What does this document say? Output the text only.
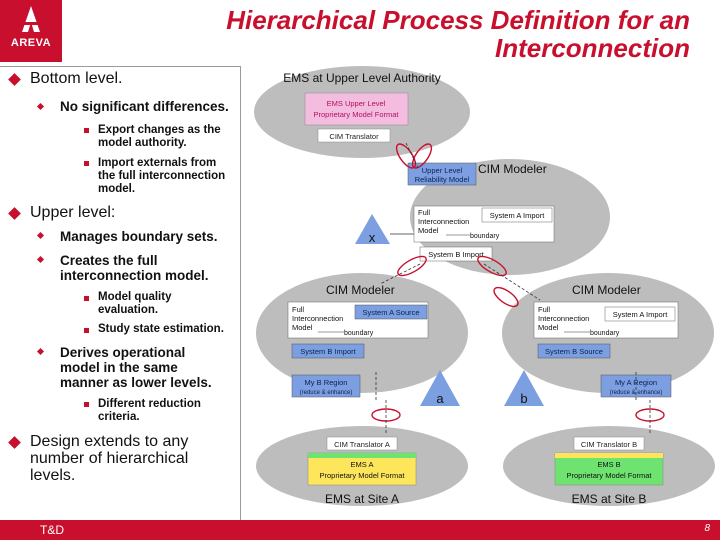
AREVA
Hierarchical Process Definition for an
Interconnection
Bottom level.
No significant differences.
Export changes as the
model authority.
Import externals from
the full interconnection
model.
Upper level:
Manages boundary sets.
Creates the full
interconnection model.
Model quality
evaluation.
Study state estimation.
Derives operational
model in the same
manner as lower levels.
Different reduction
criteria.
Design extends to any
number of hierarchical
levels.
EMS at Upper Level Authority
EMS Upper Level
Proprietary Model Format
CIM Translator
CIM Modeler
Upper Level
Reliability Model
Full
Interconnection
Model
System A Import
boundary
System B Import
x
CIM Modeler
Full
Interconnection
Model
System A Source
boundary
System B Import
My B Region
(reduce & enhance)
CIM Modeler
Full
Interconnection
Model
System A Import
boundary
System B Source
My A Region
(reduce & enhance)
a	b
CIM Translator A
EMS A
Proprietary Model Format
EMS at Site A
CIM Translator B
EMS B
Proprietary Model Format
EMS at Site B
T&D	8
